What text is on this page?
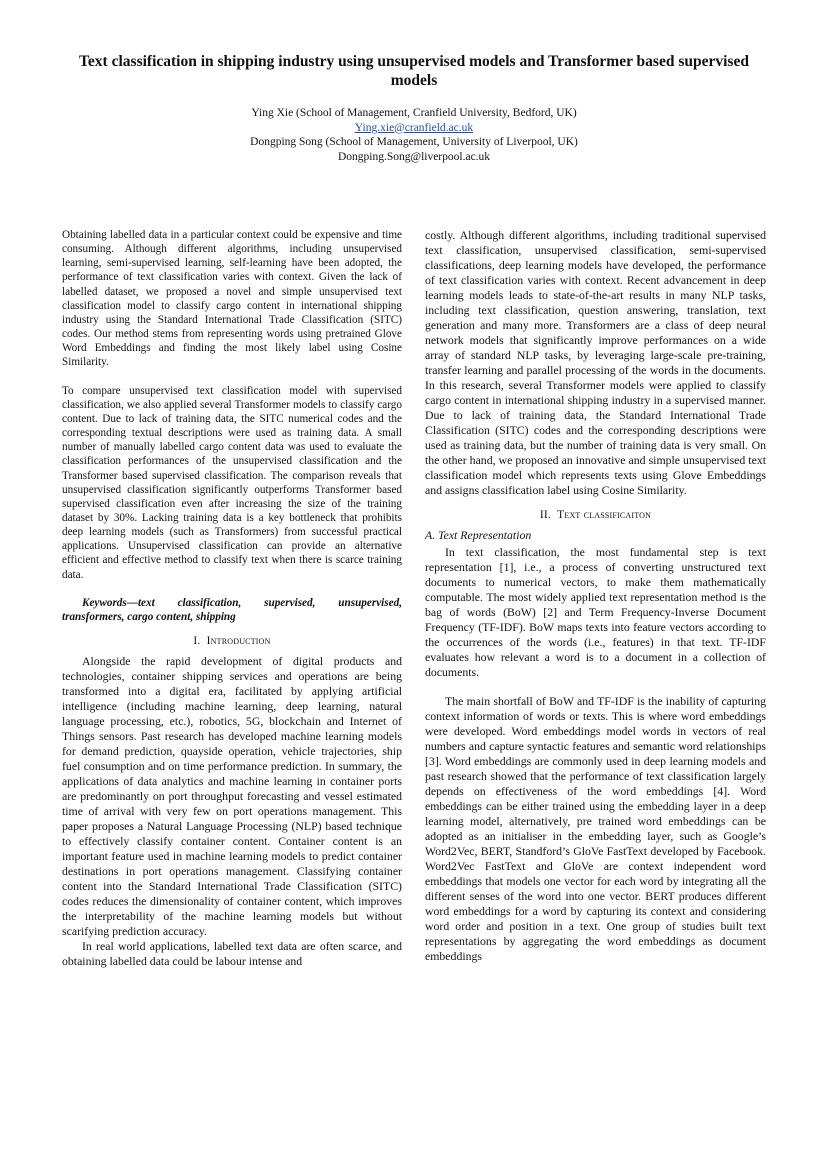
Text classification in shipping industry using unsupervised models and Transformer based supervised models
Ying Xie (School of Management, Cranfield University, Bedford, UK)
Ying.xie@cranfield.ac.uk
Dongping Song (School of Management, University of Liverpool, UK)
Dongping.Song@liverpool.ac.uk

Obtaining labelled data in a particular context could be expensive and time consuming. Although different algorithms, including unsupervised learning, semi-supervised learning, self-learning have been adopted, the performance of text classification varies with context. Given the lack of labelled dataset, we proposed a novel and simple unsupervised text classification model to classify cargo content in international shipping industry using the Standard International Trade Classification (SITC) codes. Our method stems from representing words using pretrained Glove Word Embeddings and finding the most likely label using Cosine Similarity.

To compare unsupervised text classification model with supervised classification, we also applied several Transformer models to classify cargo content. Due to lack of training data, the SITC numerical codes and the corresponding textual descriptions were used as training data. A small number of manually labelled cargo content data was used to evaluate the classification performances of the unsupervised classification and the Transformer based supervised classification. The comparison reveals that unsupervised classification significantly outperforms Transformer based supervised classification even after increasing the size of the training dataset by 30%. Lacking training data is a key bottleneck that prohibits deep learning models (such as Transformers) from successful practical applications. Unsupervised classification can provide an alternative efficient and effective method to classify text when there is scarce training data.

Keywords—text classification, supervised, unsupervised, transformers, cargo content, shipping

I. Introduction

Alongside the rapid development of digital products and technologies, container shipping services and operations are being transformed into a digital era, facilitated by applying artificial intelligence (including machine learning, deep learning, natural language processing, etc.), robotics, 5G, blockchain and Internet of Things sensors. Past research has developed machine learning models for demand prediction, quayside operation, vehicle trajectories, ship fuel consumption and on time performance prediction. In summary, the applications of data analytics and machine learning in container ports are predominantly on port throughput forecasting and vessel estimated time of arrival with very few on port operations management. This paper proposes a Natural Language Processing (NLP) based technique to effectively classify container content. Container content is an important feature used in machine learning models to predict container destinations in port operations management. Classifying container content into the Standard International Trade Classification (SITC) codes reduces the dimensionality of container content, which improves the interpretability of the machine learning models but without scarifying prediction accuracy.

In real world applications, labelled text data are often scarce, and obtaining labelled data could be labour intense and

costly. Although different algorithms, including traditional supervised text classification, unsupervised classification, semi-supervised classifications, deep learning models have developed, the performance of text classification varies with context. Recent advancement in deep learning models leads to state-of-the-art results in many NLP tasks, including text classification, question answering, translation, text generation and many more. Transformers are a class of deep neural network models that significantly improve performances on a wide array of standard NLP tasks, by leveraging large-scale pre-training, transfer learning and parallel processing of the words in the documents. In this research, several Transformer models were applied to classify cargo content in international shipping industry in a supervised manner. Due to lack of training data, the Standard International Trade Classification (SITC) codes and the corresponding descriptions were used as training data, but the number of training data is very small. On the other hand, we proposed an innovative and simple unsupervised text classification model which represents texts using Glove Embeddings and assigns classification label using Cosine Similarity.

II. Text classificaiton
A. Text Representation

In text classification, the most fundamental step is text representation [1], i.e., a process of converting unstructured text documents to numerical vectors, to make them mathematically computable. The most widely applied text representation method is the bag of words (BoW) [2] and Term Frequency-Inverse Document Frequency (TF-IDF). BoW maps texts into feature vectors according to the occurrences of the words (i.e., features) in that text. TF-IDF evaluates how relevant a word is to a document in a collection of documents.

The main shortfall of BoW and TF-IDF is the inability of capturing context information of words or texts. This is where word embeddings were developed. Word embeddings model words in vectors of real numbers and capture syntactic features and semantic word relationships [3]. Word embeddings are commonly used in deep learning models and past research showed that the performance of text classification largely depends on effectiveness of the word embeddings [4]. Word embeddings can be either trained using the embedding layer in a deep learning model, alternatively, pre trained word embeddings can be adopted as an initialiser in the embedding layer, such as Google’s Word2Vec, BERT, Standford’s GloVe FastText developed by Facebook. Word2Vec FastText and GloVe are context independent word embeddings that models one vector for each word by integrating all the different senses of the word into one vector. BERT produces different word embeddings for a word by capturing its context and considering word order and position in a text. One group of studies built text representations by aggregating the word embeddings as document embeddings
